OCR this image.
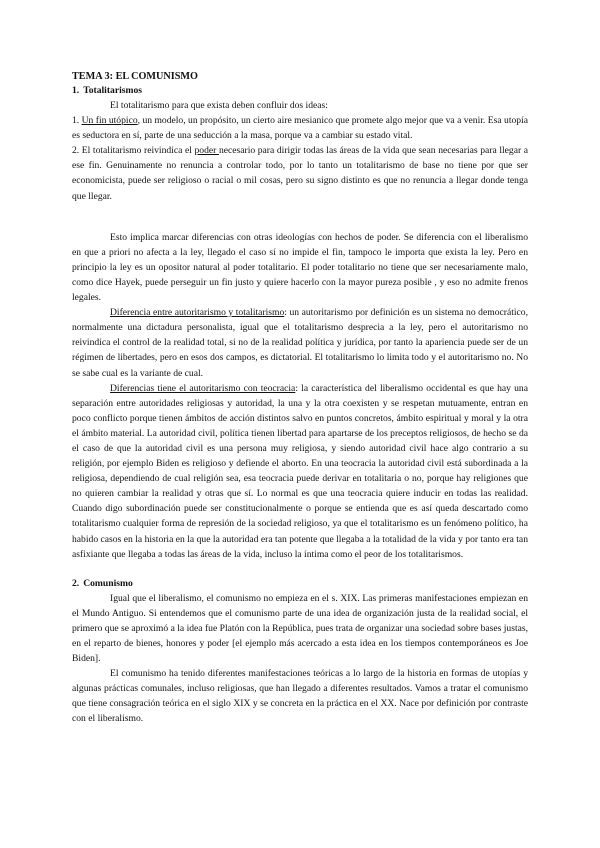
TEMA 3: EL COMUNISMO
1. Totalitarismos

El totalitarismo para que exista deben confluir dos ideas:

1. Un fin utópico, un modelo, un propósito, un cierto aire mesianico que promete algo mejor que va a venir. Esa utopía es seductora en sí, parte de una seducción a la masa, porque va a cambiar su estado vital.

2. El totalitarismo reivindica el poder necesario para dirigir todas las áreas de la vida que sean necesarias para llegar a ese fin. Genuinamente no renuncia a controlar todo, por lo tanto un totalitarismo de base no tiene por que ser economicista, puede ser religioso o racial o mil cosas, pero su signo distinto es que no renuncia a llegar donde tenga que llegar.

Esto implica marcar diferencias con otras ideologías con hechos de poder. Se diferencia con el liberalismo en que a priori no afecta a la ley, llegado el caso sí no impide el fin, tampoco le importa que exista la ley. Pero en principio la ley es un opositor natural al poder totalitario. El poder totalitario no tiene que ser necesariamente malo, como dice Hayek, puede perseguir un fin justo y quiere hacerlo con la mayor pureza posible , y eso no admite frenos legales.

Diferencia entre autoritarismo y totalitarismo: un autoritarismo por definición es un sistema no democrático, normalmente una dictadura personalista, igual que el totalitarismo desprecia a la ley, pero el autoritarismo no reivindica el control de la realidad total, si no de la realidad política y jurídica, por tanto la apariencia puede ser de un régimen de libertades, pero en esos dos campos, es dictatorial. El totalitarismo lo limita todo y el autoritarismo no. No se sabe cual es la variante de cual.

Diferencias tiene el autoritarismo con teocracia: la característica del liberalismo occidental es que hay una separación entre autoridades religiosas y autoridad, la una y la otra coexisten y se respetan mutuamente, entran en poco conflicto porque tienen ámbitos de acción distintos salvo en puntos concretos, ámbito espiritual y moral y la otra el ámbito material. La autoridad civil, política tienen libertad para apartarse de los preceptos religiosos, de hecho se da el caso de que la autoridad civil es una persona muy religiosa, y siendo autoridad civil hace algo contrario a su religión, por ejemplo Biden es religioso y defiende el aborto. En una teocracia la autoridad civil está subordinada a la religiosa, dependiendo de cual religión sea, esa teocracia puede derivar en totalitaria o no, porque hay religiones que no quieren cambiar la realidad y otras que sí. Lo normal es que una teocracia quiere inducir en todas las realidad. Cuando digo subordinación puede ser constitucionalmente o porque se entienda que es así queda descartado como totalitarismo cualquier forma de represión de la sociedad religioso, ya que el totalitarismo es un fenómeno político, ha habido casos en la historia en la que la autoridad era tan potente que llegaba a la totalidad de la vida y por tanto era tan asfixiante que llegaba a todas las áreas de la vida, incluso la íntima como el peor de los totalitarismos.

2. Comunismo

Igual que el liberalismo, el comunismo no empieza en el s. XIX. Las primeras manifestaciones empiezan en el Mundo Antiguo. Si entendemos que el comunismo parte de una idea de organización justa de la realidad social, el primero que se aproximó a la idea fue Platón con la República, pues trata de organizar una sociedad sobre bases justas, en el reparto de bienes, honores y poder [el ejemplo más acercado a esta idea en los tiempos contemporáneos es Joe Biden].

El comunismo ha tenido diferentes manifestaciones teóricas a lo largo de la historia en formas de utopías y algunas prácticas comunales, incluso religiosas, que han llegado a diferentes resultados. Vamos a tratar el comunismo que tiene consagración teórica en el siglo XIX y se concreta en la práctica en el XX. Nace por definición por contraste con el liberalismo.
